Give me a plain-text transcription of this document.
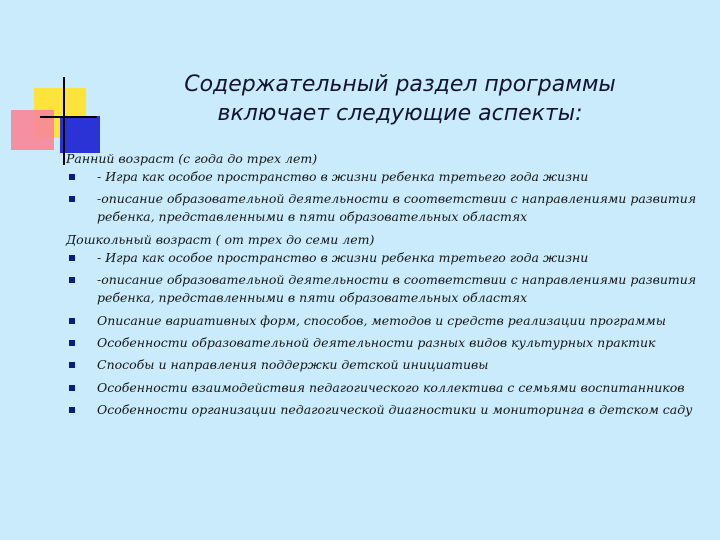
Содержательный раздел программы
включает следующие аспекты:

Ранний возраст (с года до трех лет)

- Игра как особое пространство в жизни ребенка третьего года жизни
-описание образовательной деятельности в соответствии с направлениями развития ребенка, представленными в пяти образовательных областях

Дошкольный возраст ( от трех до семи лет)

- Игра как особое пространство в жизни ребенка третьего года жизни
-описание образовательной деятельности в соответствии с направлениями развития ребенка, представленными в пяти образовательных областях
Описание вариативных форм, способов, методов и средств реализации программы
Особенности образовательной деятельности разных видов культурных практик
Способы и направления поддержки детской инициативы
Особенности взаимодействия педагогического коллектива с семьями воспитанников
Особенности организации педагогической диагностики и мониторинга в детском саду
